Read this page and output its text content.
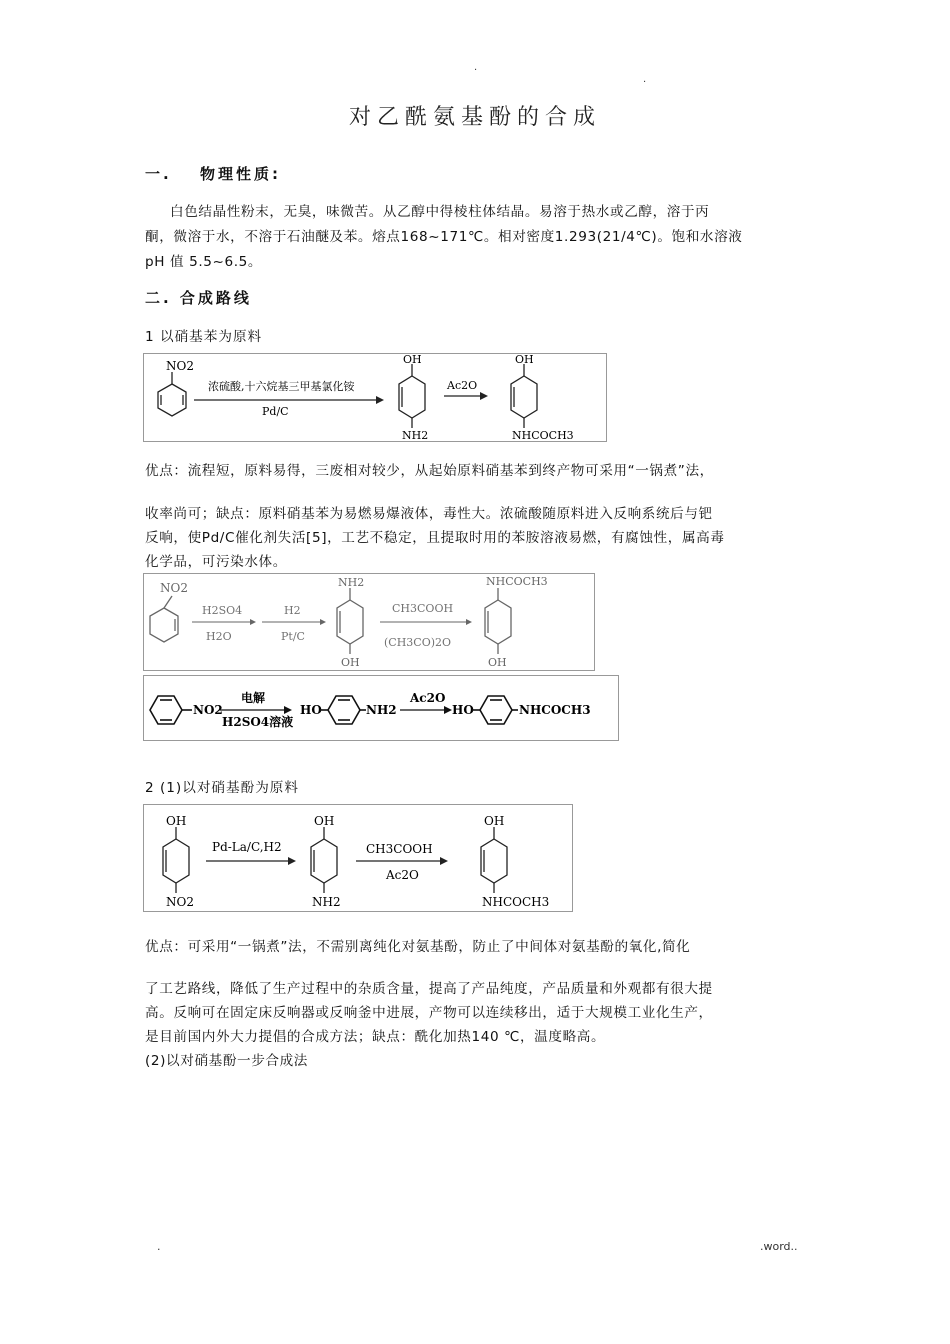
.
.
对乙酰氨基酚的合成
一. 物理性质:
白色结晶性粉末，无臭，味微苦。从乙醇中得棱柱体结晶。易溶于热水或乙醇，溶于丙
酮，微溶于水，不溶于石油醚及苯。熔点168~171℃。相对密度1.293(21/4℃)。饱和水溶液
pH 值 5.5~6.5。
二. 合成路线
1 以硝基苯为原料
NO2
浓硫酸,十六烷基三甲基氯化铵
Pd/C
OH
NH2
Ac2O
OH
NHCOCH3
优点：流程短，原料易得，三废相对较少，从起始原料硝基苯到终产物可采用“一锅煮”法，
收率尚可；缺点：原料硝基苯为易燃易爆液体，毒性大。浓硫酸随原料进入反响系统后与钯
反响，使Pd/C催化剂失活[5]，工艺不稳定，且提取时用的苯胺溶液易燃，有腐蚀性，属高毒
化学品，可污染水体。
NO2
H2SO4
H2O
H2
Pt/C
NH2
OH
CH3COOH
(CH3CO)2O
NHCOCH3
OH
NO2
电解
H2SO4溶液
HO	NH2
Ac2O
HO	NHCOCH3
2 (1)以对硝基酚为原料
OH
NO2
Pd-La/C,H2
OH
NH2
CH3COOH
Ac2O
OH
NHCOCH3
优点：可采用“一锅煮”法，不需别离纯化对氨基酚，防止了中间体对氨基酚的氧化,简化
了工艺路线，降低了生产过程中的杂质含量，提高了产品纯度，产品质量和外观都有很大提
高。反响可在固定床反响器或反响釜中进展，产物可以连续移出，适于大规模工业化生产，
是目前国内外大力提倡的合成方法；缺点：酰化加热140 ℃，温度略高。
(2)以对硝基酚一步合成法
.	.word..
